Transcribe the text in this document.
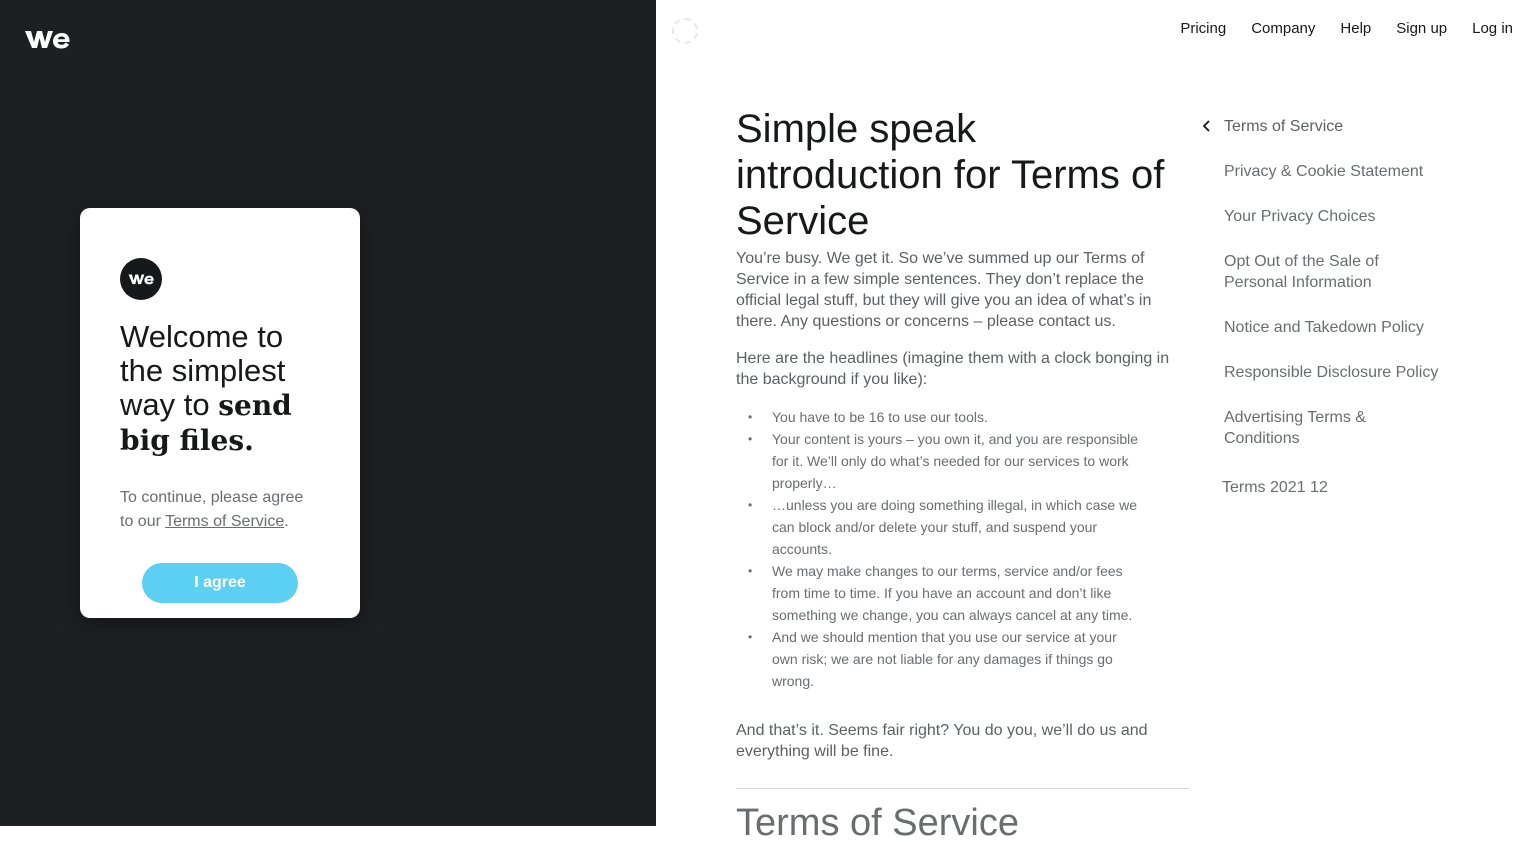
Welcome to the simplest way to send big files.
To continue, please agree to our Terms of Service.
I agree
Pricing Company Help Sign up Log in
Simple speak introduction for Terms of Service

You’re busy. We get it. So we’ve summed up our Terms of Service in a few simple sentences. They don’t replace the official legal stuff, but they will give you an idea of what’s in there. Any questions or concerns – please contact us.

Here are the headlines (imagine them with a clock bonging in the background if you like):

• You have to be 16 to use our tools.
• Your content is yours – you own it, and you are responsible for it. We’ll only do what’s needed for our services to work properly…
• …unless you are doing something illegal, in which case we can block and/or delete your stuff, and suspend your accounts.
• We may make changes to our terms, service and/or fees from time to time. If you have an account and don’t like something we change, you can always cancel at any time.
• And we should mention that you use our service at your own risk; we are not liable for any damages if things go wrong.

And that’s it. Seems fair right? You do you, we’ll do us and everything will be fine.

Terms of Service
Terms of Service
Privacy & Cookie Statement
Your Privacy Choices
Opt Out of the Sale of Personal Information
Notice and Takedown Policy
Responsible Disclosure Policy
Advertising Terms & Conditions
Terms 2021 12
